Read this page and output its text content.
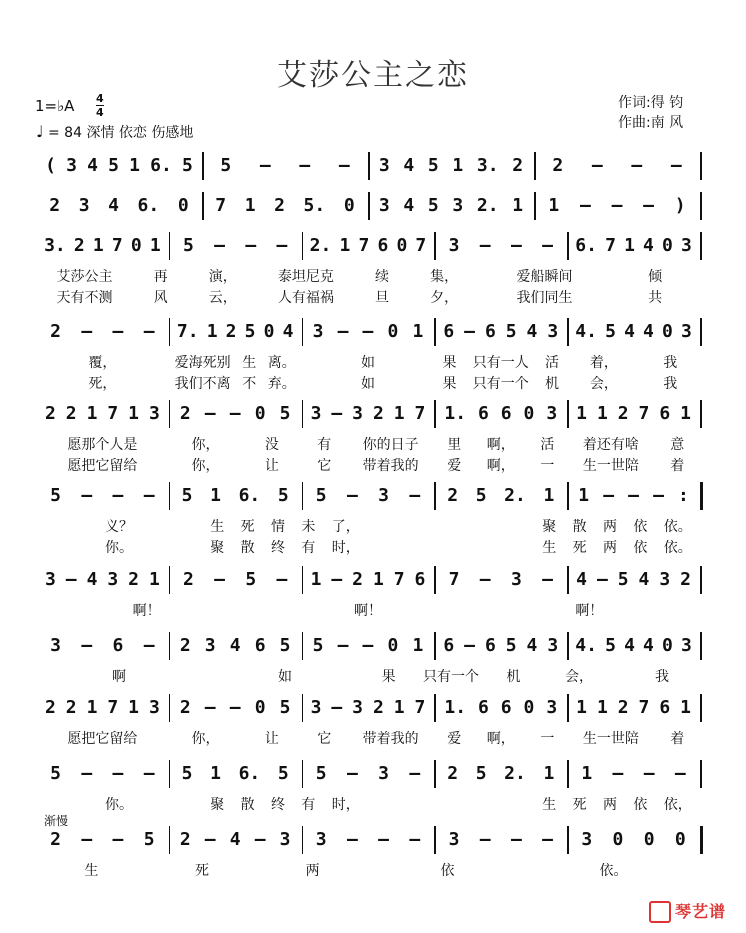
艾莎公主之恋
1=♭A 4
4
♩ = 84 深情 依恋 伤感地
作词:得 钧
作曲:南 风
( 3 4 5 1 6. 5 5 – – – 3 4 5 1 3. 2 2 – – –
2 3 4 6. 0 7 1 2 5. 0 3 4 5 3 2. 1 1 – – – )
3. 2 1 7 0 1 5 – – – 2. 1 7 6 0 7 3 – – – 6. 7 1 4 0 3
艾莎公主	再	演，	泰坦尼克	续	集，	爱船瞬间	倾
天有不测	风	云，	人有福祸	旦	夕，	我们同生	共
2 – – – 7. 1 2 5 0 4 3 – – 0 1 6 – 6 5 4 3 4. 5 4 4 0 3
覆，	爱海死别 生 离。	如	果 只有一人 活 着，	我
死，	我们不离 不 弃。	如	果 只有一个 机 会，	我
2 2 1 7 1 3 2 – – 0 5 3 – 3 2 1 7 1. 6 6 0 3 1 1 2 7 6 1
愿那个人是	你，	没	有 你的日子 里 啊， 活 着还有啥 意
愿把它留给	你，	让	它 带着我的 爱 啊， 一 生一世陪 着
5 – – – 5 1 6. 5 5 – 3 – 2 5 2. 1 1 – – – :
义？	生 死 情 未 了，	聚 散 两 依 依。
你。	聚 散 终 有 时，	生 死 两 依 依。
3 – 4 3 2 1 2 – 5 – 1 – 2 1 7 6 7 – 3 – 4 – 5 4 3 2
啊！	啊！	啊！
3 – 6 – 2 3 4 6 5 5 – – 0 1 6 – 6 5 4 3 4. 5 4 4 0 3
啊	如	果 只有一个 机	会，	我
2 2 1 7 1 3 2 – – 0 5 3 – 3 2 1 7 1. 6 6 0 3 1 1 2 7 6 1
愿把它留给	你，	让	它 带着我的 爱 啊， 一 生一世陪 着
5 – – – 5 1 6. 5 5 – 3 – 2 5 2. 1 1 – – –
你。	聚 散 终 有 时，	生 死 两 依 依，
2 – – 5 2 – 4 – 3 3 – – – 3 – – – 3 0 0 0
生	死	两	依	依。
渐慢
琴艺谱
